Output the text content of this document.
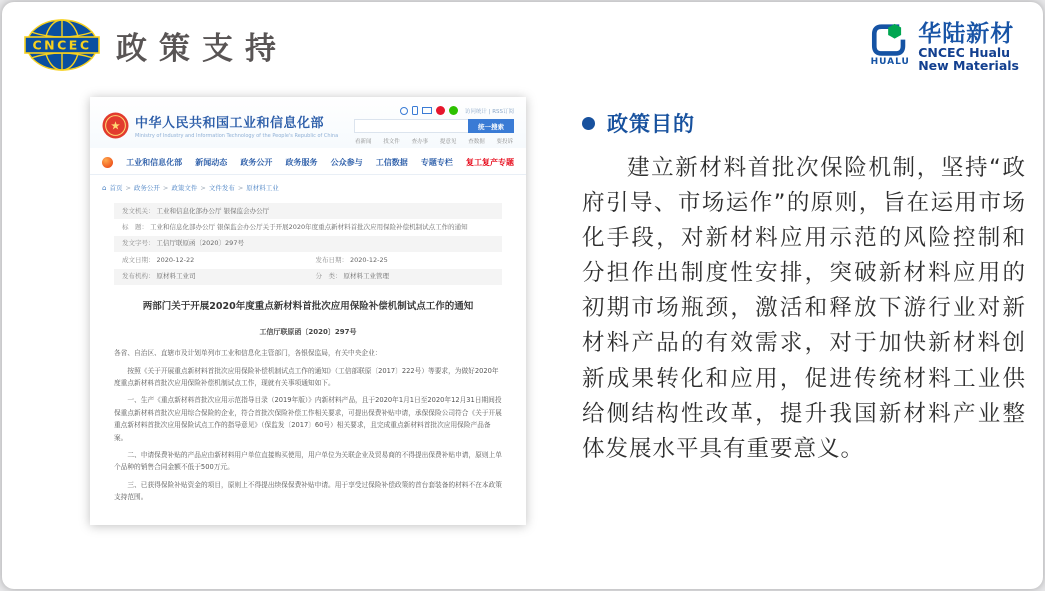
CNCEC 政策支持	HUALU
华陆新材
CNCEC Hualu
New Materials
★ 中华人民共和国工业和信息化部
Ministry of Industry and Information Technology of the People's Republic of China
访问统计 | RSS订阅
统一搜索
看新闻 找文件 查办事 提意见 查数据 要投诉
工业和信息化部 新闻动态 政务公开 政务服务 公众参与 工信数据 专题专栏 复工复产专题
⌂ 首页 > 政务公开 > 政策文件 > 文件发布 > 原材料工业
发文机关： 工业和信息化部办公厅 银保监会办公厅
标　题： 工业和信息化部办公厅 银保监会办公厅关于开展2020年度重点新材料首批次应用保险补偿机制试点工作的通知
发文字号： 工信厅联原函〔2020〕297号
成文日期： 2020-12-22	发布日期： 2020-12-25
发布机构： 原材料工业司	分　类： 原材料工业管理
两部门关于开展2020年度重点新材料首批次应用保险补偿机制试点工作的通知
工信厅联原函〔2020〕297号

各省、自治区、直辖市及计划单列市工业和信息化主管部门，各银保监局，有关中央企业：

按照《关于开展重点新材料首批次应用保险补偿机制试点工作的通知》（工信部联原〔2017〕222号）等要求，为做好2020年度重点新材料首批次应用保险补偿机制试点工作，现就有关事项通知如下。

一、生产《重点新材料首批次应用示范指导目录（2019年版）》内新材料产品，且于2020年1月1日至2020年12月31日期间投保重点新材料首批次应用综合保险的企业，符合首批次保险补偿工作相关要求，可提出保费补贴申请，承保保险公司符合《关于开展重点新材料首批次应用保险试点工作的指导意见》（保监发〔2017〕60号）相关要求，且完成重点新材料首批次应用保险产品备案。

二、申请保费补贴的产品应由新材料用户单位直接购买使用，用户单位为关联企业及贸易商的不得提出保费补贴申请，原则上单个品种的销售合同金额不低于500万元。

三、已获得保险补贴资金的项目，原则上不得提出续保保费补贴申请。用于享受过保险补偿政策的首台套装备的材料不在本政策支持范围。

政策目的
建立新材料首批次保险机制，坚持“政府引导、市场运作”的原则，旨在运用市场化手段，对新材料应用示范的风险控制和分担作出制度性安排，突破新材料应用的初期市场瓶颈，激活和释放下游行业对新材料产品的有效需求，对于加快新材料创新成果转化和应用，促进传统材料工业供给侧结构性改革，提升我国新材料产业整体发展水平具有重要意义。
